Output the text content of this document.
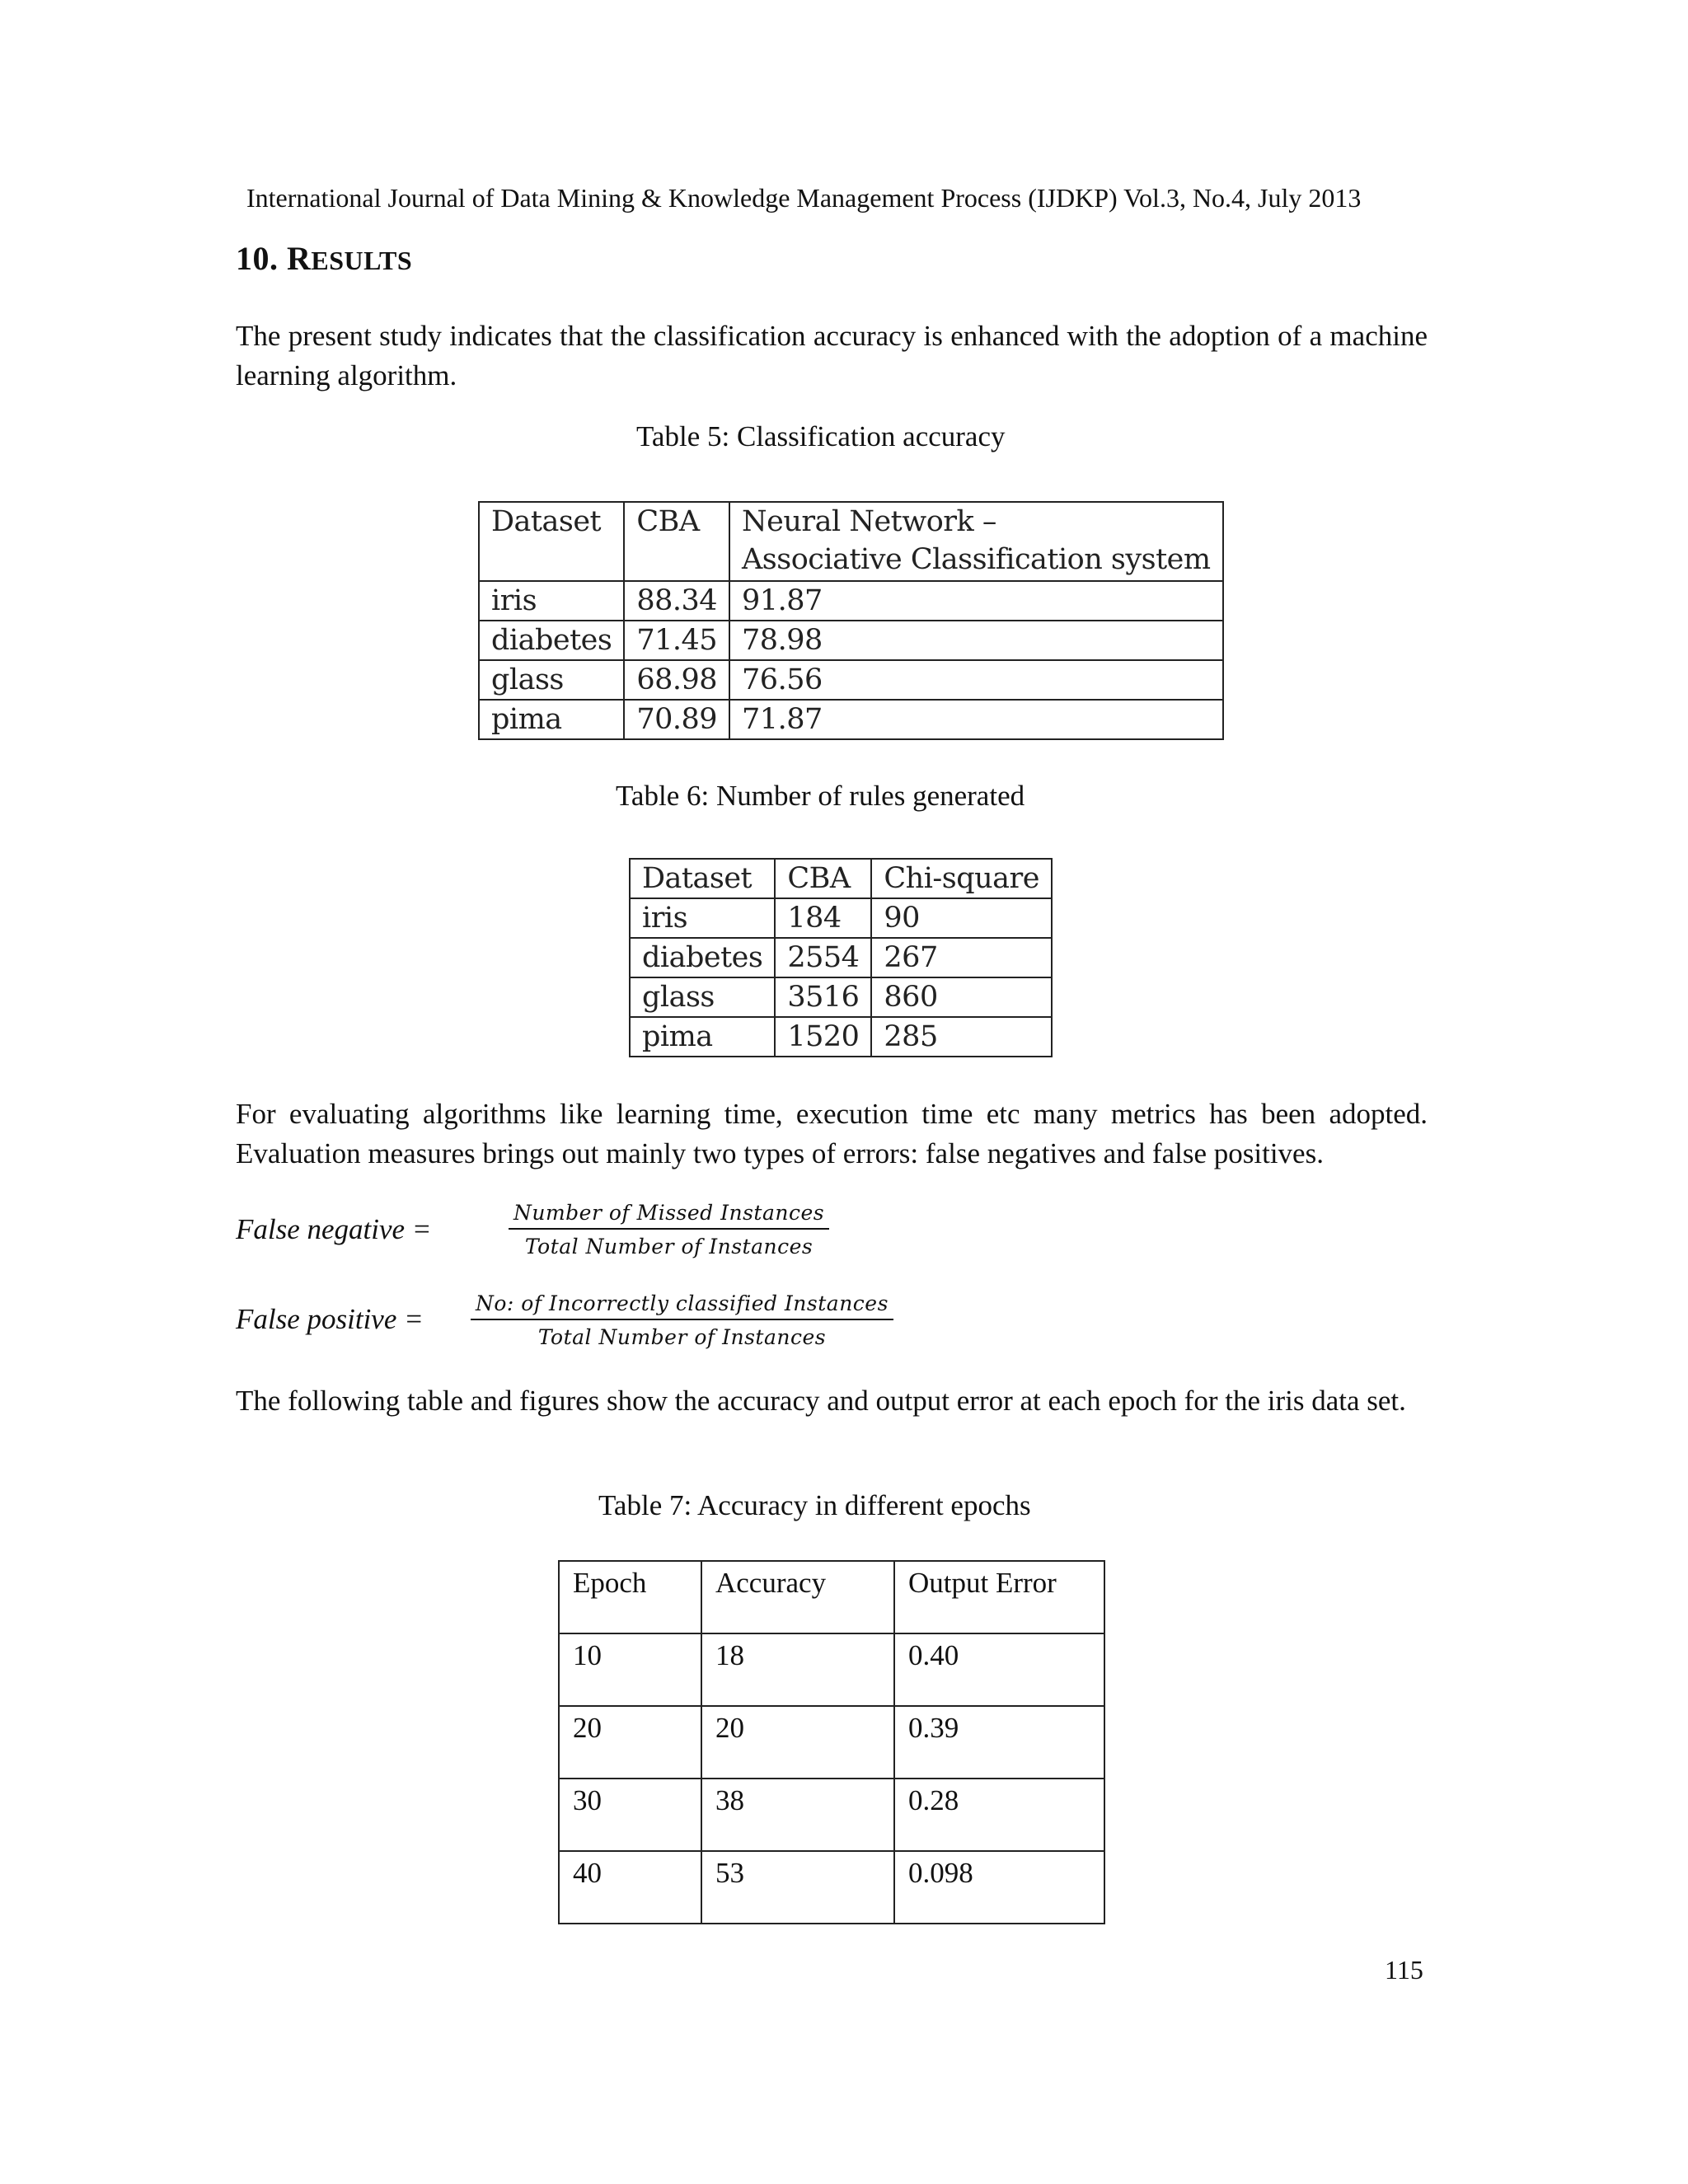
International Journal of Data Mining & Knowledge Management Process (IJDKP) Vol.3, No.4, July 2013
10. RESULTS
The present study indicates that the classification accuracy is enhanced with the adoption of a machine learning algorithm.
Table 5: Classification accuracy
Dataset	CBA	Neural Network –
Associative Classification system

iris	88.34	91.87
diabetes	71.45	78.98
glass	68.98	76.56
pima	70.89	71.87
Table 6: Number of rules generated
Dataset	CBA	Chi-square
iris	184	90
diabetes	2554	267
glass	3516	860
pima	1520	285
For evaluating algorithms like learning time, execution time etc many metrics has been adopted. Evaluation measures brings out mainly two types of errors: false negatives and false positives.
False negative =
Number of Missed Instances
Total Number of Instances
False positive =	No: of Incorrectly classified Instances
Total Number of Instances
The following table and figures show the accuracy and output error at each epoch for the iris data set.
Table 7: Accuracy in different epochs
Epoch	Accuracy	Output Error
10	18	0.40
20	20	0.39
30	38	0.28
40	53	0.098
115
